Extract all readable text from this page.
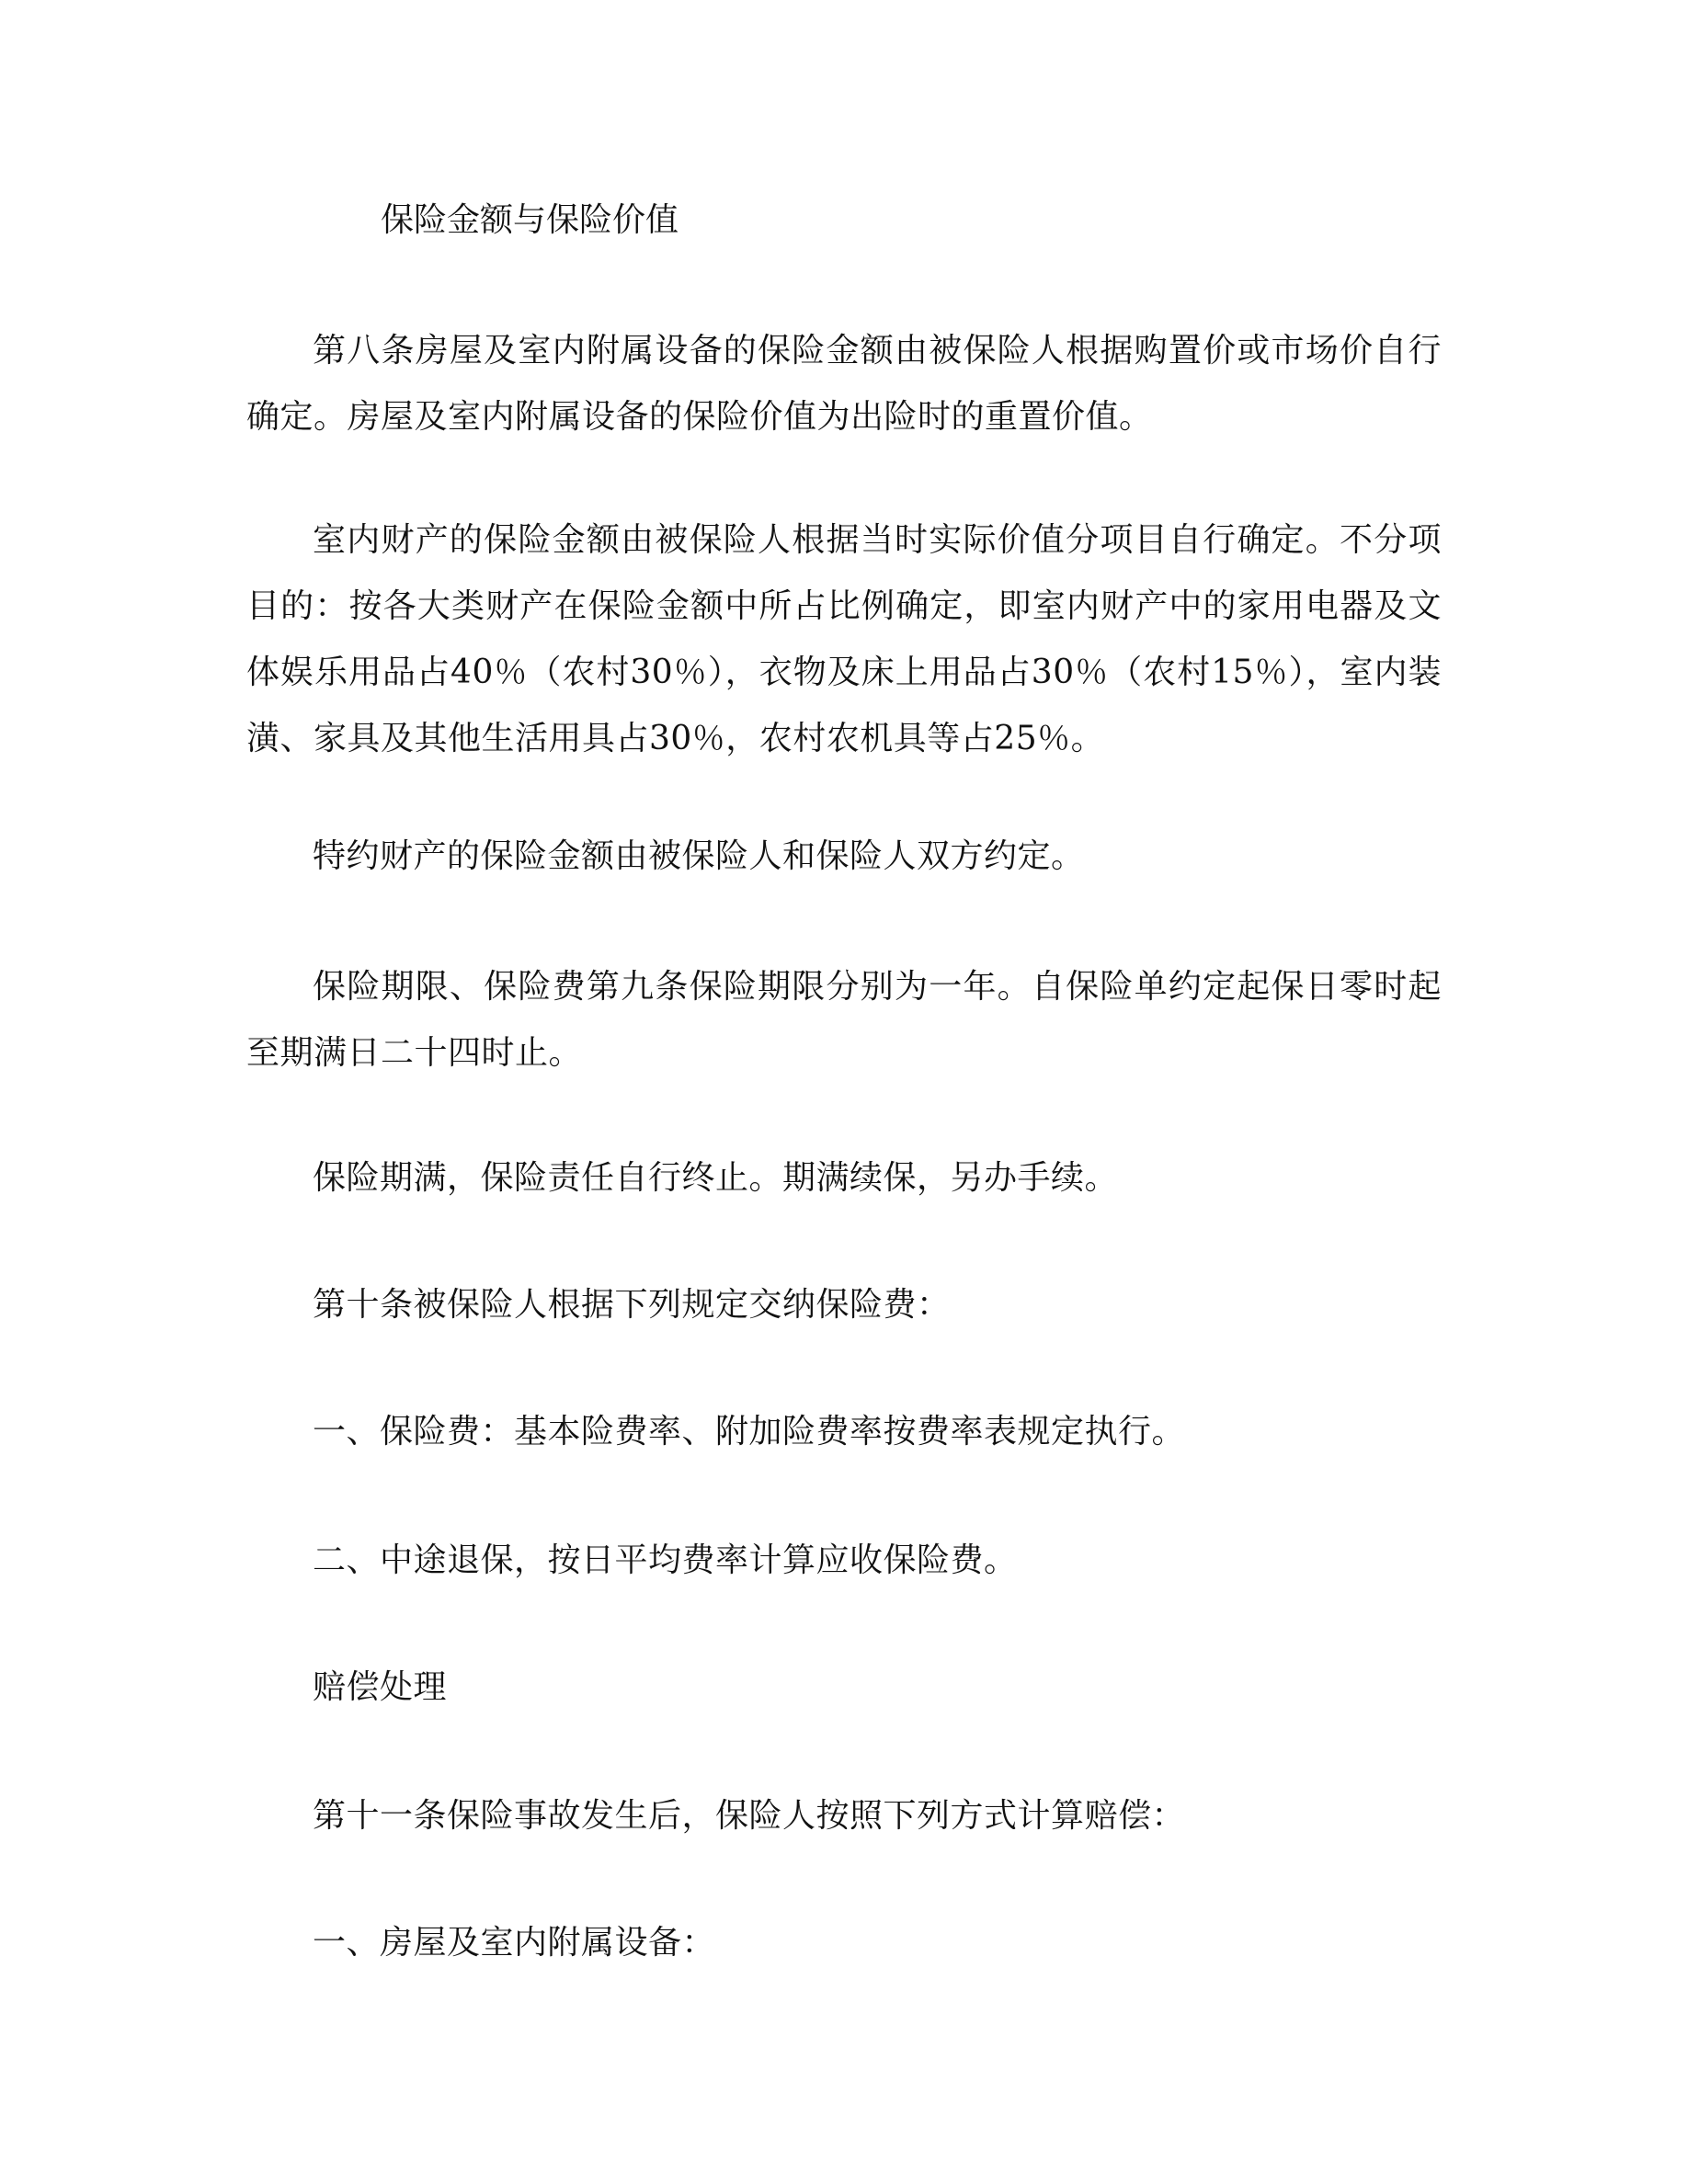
保险金额与保险价值

第八条房屋及室内附属设备的保险金额由被保险人根据购置价或市场价自行确定。房屋及室内附属设备的保险价值为出险时的重置价值。

室内财产的保险金额由被保险人根据当时实际价值分项目自行确定。不分项目的：按各大类财产在保险金额中所占比例确定，即室内财产中的家用电器及文体娱乐用品占40％（农村30％），衣物及床上用品占30％（农村15％），室内装潢、家具及其他生活用具占30％，农村农机具等占25％。

特约财产的保险金额由被保险人和保险人双方约定。

保险期限、保险费第九条保险期限分别为一年。自保险单约定起保日零时起至期满日二十四时止。

保险期满，保险责任自行终止。期满续保，另办手续。

第十条被保险人根据下列规定交纳保险费：

一、保险费：基本险费率、附加险费率按费率表规定执行。

二、中途退保，按日平均费率计算应收保险费。

赔偿处理

第十一条保险事故发生后，保险人按照下列方式计算赔偿：

一、房屋及室内附属设备：
